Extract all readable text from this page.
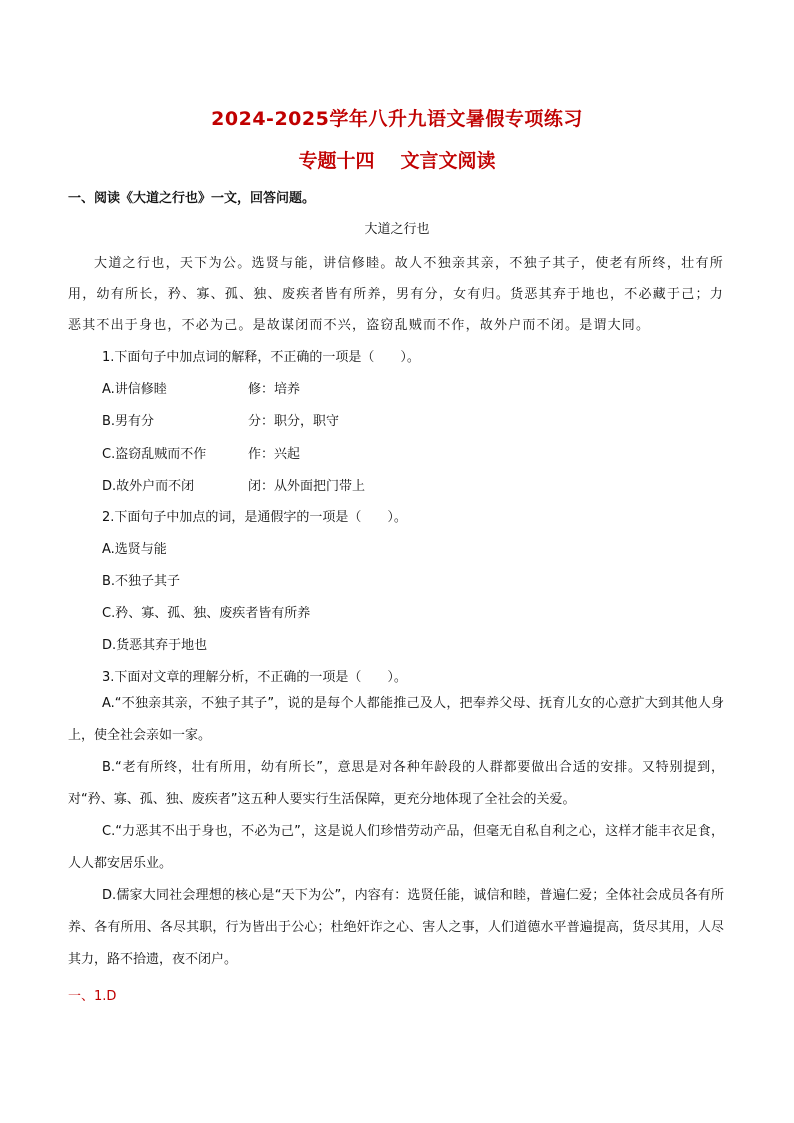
2024-2025学年八升九语文暑假专项练习
专题十四 文言文阅读
一、阅读《大道之行也》一文，回答问题。
大道之行也

大道之行也，天下为公。选贤与能，讲信修睦。故人不独亲其亲，不独子其子，使老有所终，壮有所用，幼有所长，矜、寡、孤、独、废疾者皆有所养，男有分，女有归。货恶其弃于地也，不必藏于己；力恶其不出于身也，不必为己。是故谋闭而不兴，盗窃乱贼而不作，故外户而不闭。是谓大同。

1.下面句子中加点词的解释，不正确的一项是（　　）。
A.讲信修睦	修：培养
B.男有分	分：职分，职守
C.盗窃乱贼而不作	作：兴起
D.故外户而不闭	闭：从外面把门带上
2.下面句子中加点的词，是通假字的一项是（　　）。
A.选贤与能
B.不独子其子
C.矜、寡、孤、独、废疾者皆有所养
D.货恶其弃于地也
3.下面对文章的理解分析，不正确的一项是（　　）。

A.“不独亲其亲，不独子其子”，说的是每个人都能推己及人，把奉养父母、抚育儿女的心意扩大到其他人身上，使全社会亲如一家。

B.“老有所终，壮有所用，幼有所长”，意思是对各种年龄段的人群都要做出合适的安排。又特别提到，对“矜、寡、孤、独、废疾者”这五种人要实行生活保障，更充分地体现了全社会的关爱。

C.“力恶其不出于身也，不必为己”，这是说人们珍惜劳动产品，但毫无自私自利之心，这样才能丰衣足食，人人都安居乐业。

D.儒家大同社会理想的核心是“天下为公”，内容有：选贤任能，诚信和睦，普遍仁爱；全体社会成员各有所养、各有所用、各尽其职，行为皆出于公心；杜绝奸诈之心、害人之事，人们道德水平普遍提高，货尽其用，人尽其力，路不拾遗，夜不闭户。

一、1.D
